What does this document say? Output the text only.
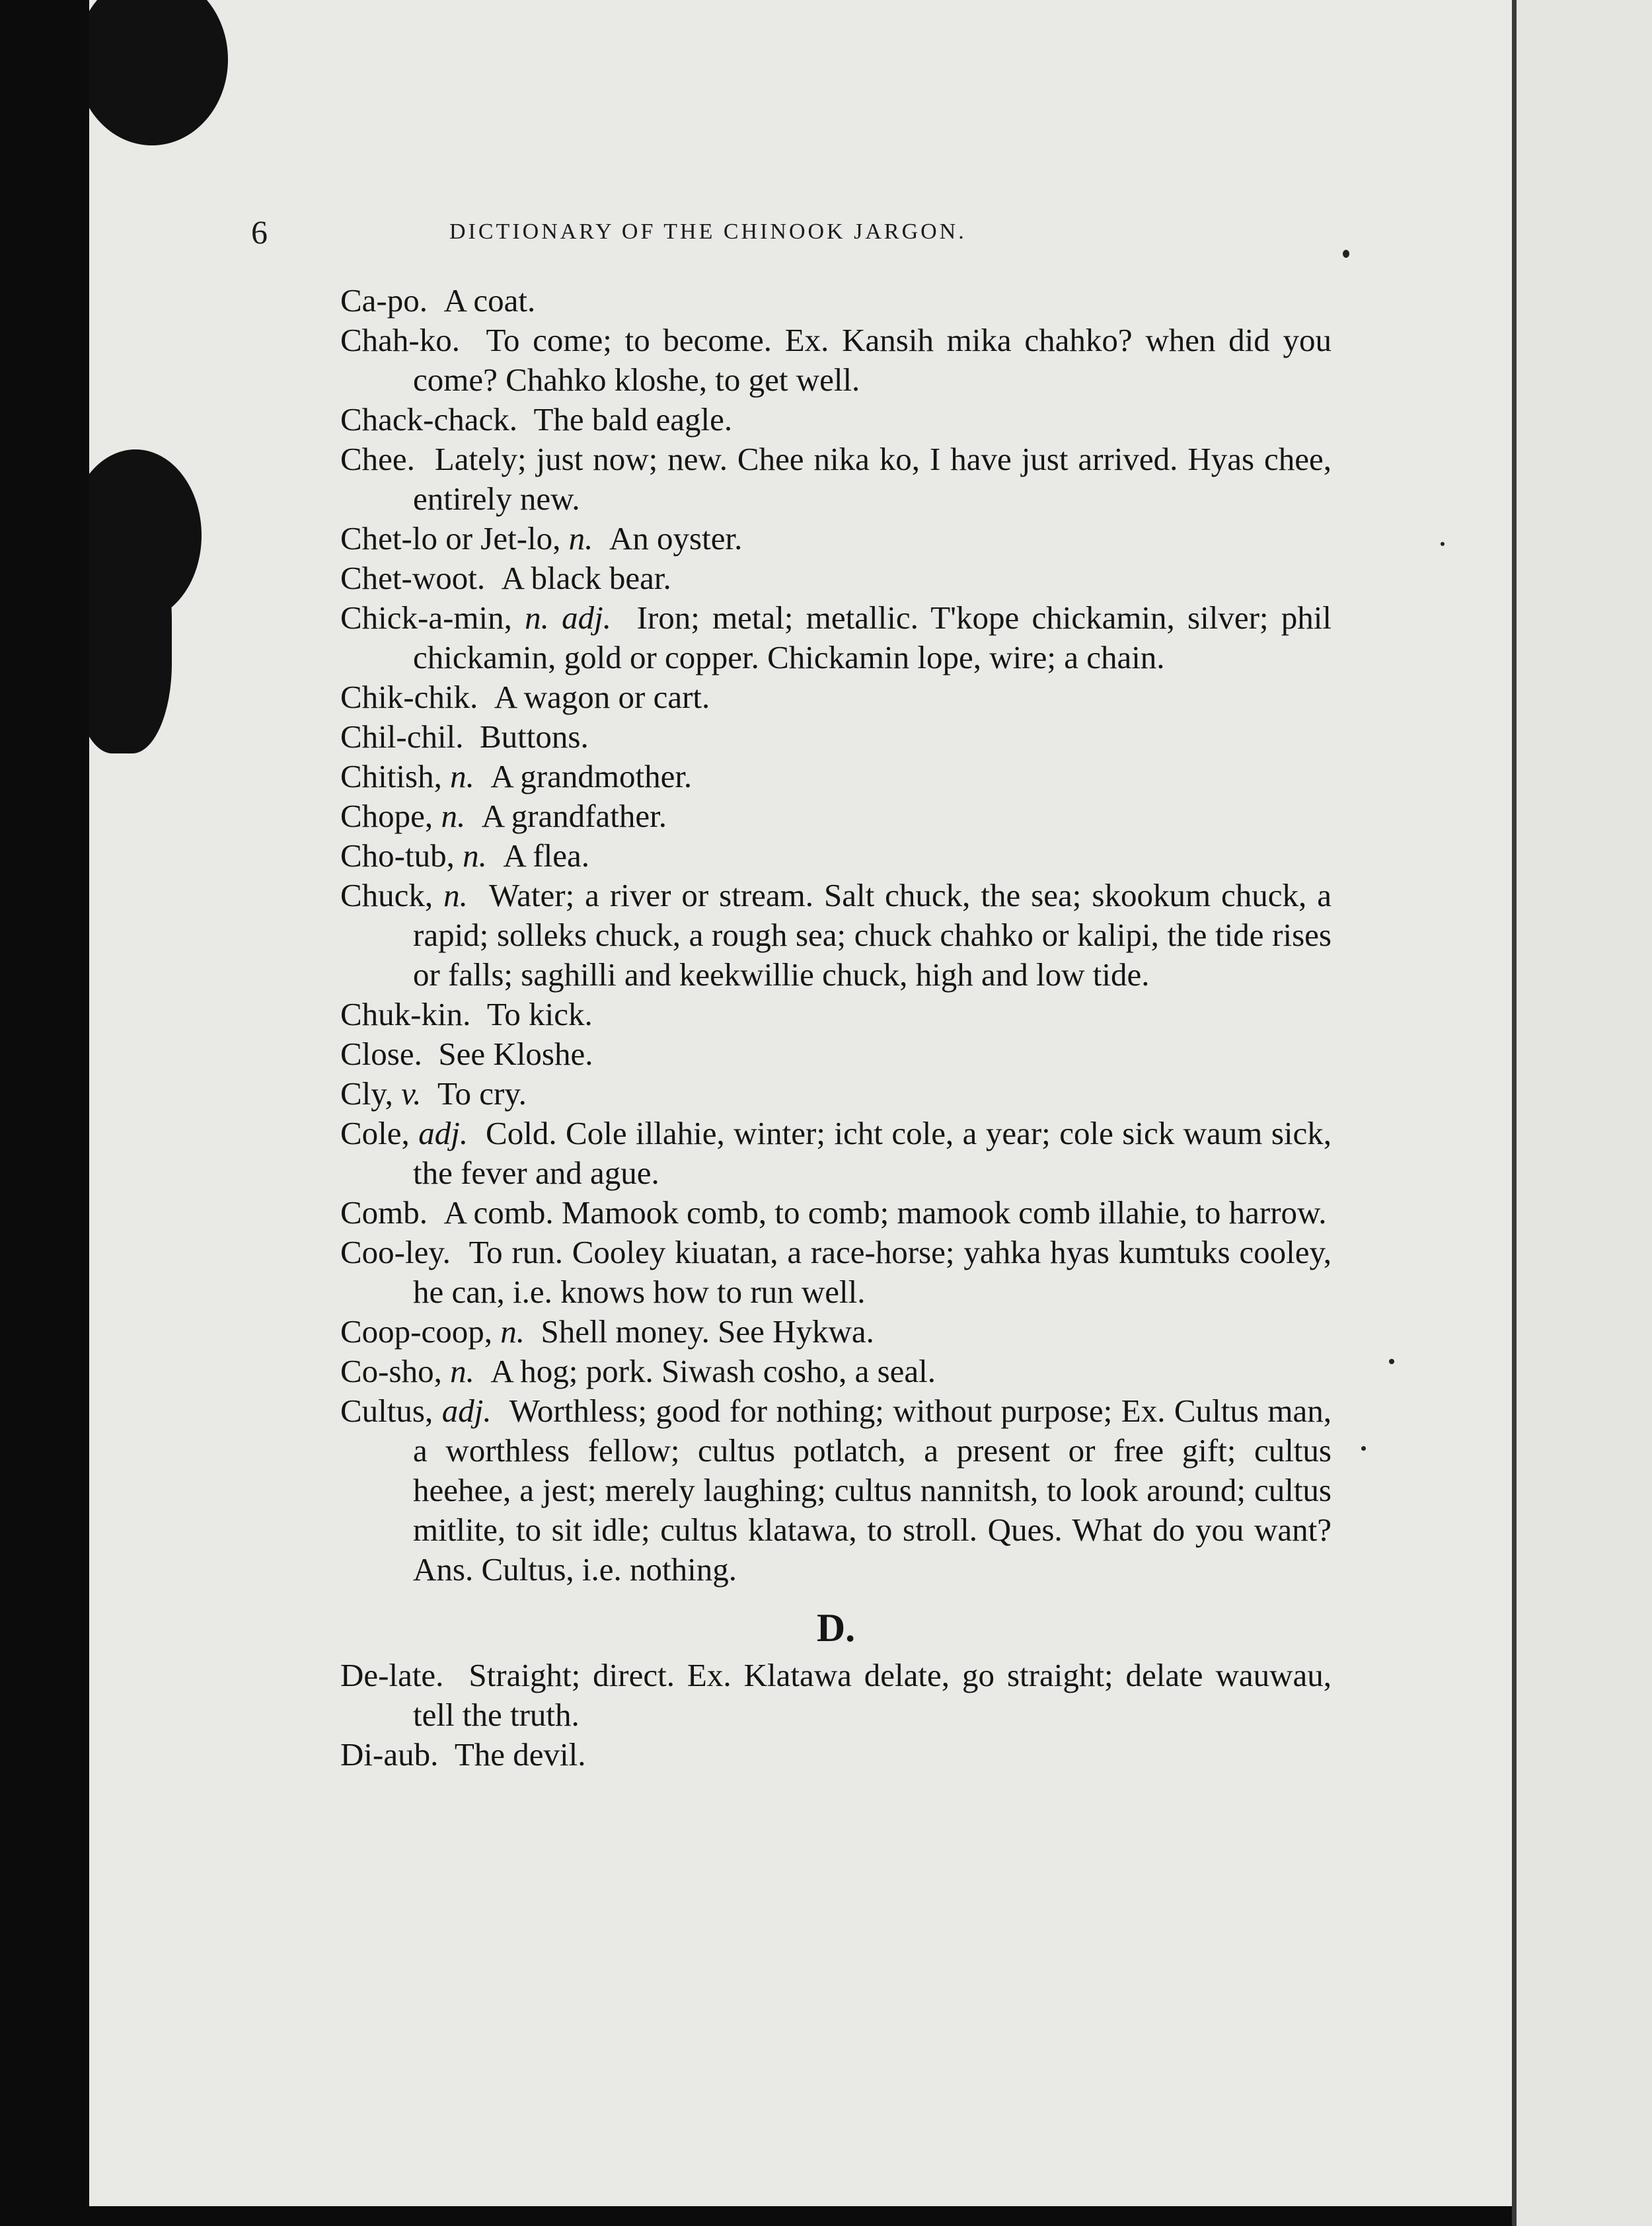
6	DICTIONARY OF THE CHINOOK JARGON.

Ca-po. A coat.

Chah-ko. To come; to become. Ex. Kansih mika chahko? when did you come? Chahko kloshe, to get well.

Chack-chack. The bald eagle.

Chee. Lately; just now; new. Chee nika ko, I have just arrived. Hyas chee, entirely new.

Chet-lo or Jet-lo, n. An oyster.

Chet-woot. A black bear.

Chick-a-min, n. adj. Iron; metal; metallic. T'kope chickamin, silver; phil chickamin, gold or copper. Chickamin lope, wire; a chain.

Chik-chik. A wagon or cart.

Chil-chil. Buttons.

Chitish, n. A grandmother.

Chope, n. A grandfather.

Cho-tub, n. A flea.

Chuck, n. Water; a river or stream. Salt chuck, the sea; skookum chuck, a rapid; solleks chuck, a rough sea; chuck chahko or kalipi, the tide rises or falls; saghilli and keekwillie chuck, high and low tide.

Chuk-kin. To kick.

Close. See Kloshe.

Cly, v. To cry.

Cole, adj. Cold. Cole illahie, winter; icht cole, a year; cole sick waum sick, the fever and ague.

Comb. A comb. Mamook comb, to comb; mamook comb illahie, to harrow.

Coo-ley. To run. Cooley kiuatan, a race-horse; yahka hyas kumtuks cooley, he can, i.e. knows how to run well.

Coop-coop, n. Shell money. See Hykwa.

Co-sho, n. A hog; pork. Siwash cosho, a seal.

Cultus, adj. Worthless; good for nothing; without purpose; Ex. Cultus man, a worthless fellow; cultus potlatch, a present or free gift; cultus heehee, a jest; merely laughing; cultus nannitsh, to look around; cultus mitlite, to sit idle; cultus klatawa, to stroll. Ques. What do you want? Ans. Cultus, i.e. nothing.

D.

De-late. Straight; direct. Ex. Klatawa delate, go straight; delate wauwau, tell the truth.

Di-aub. The devil.
